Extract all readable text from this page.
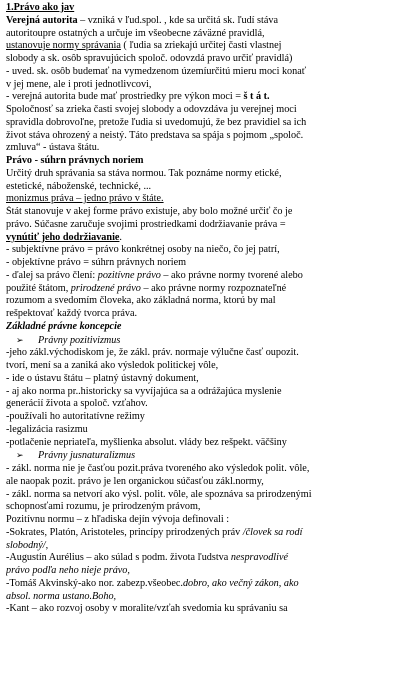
1.Právo ako jav
Verejná autorita – vzniká v ľud.spol. , kde sa určitá sk. ľudí stáva
autoritoupre ostatných a určuje im všeobecne záväzné pravidlá,
ustanovuje normy správania ( ľudia sa zriekajú určitej časti vlastnej
slobody a sk. osôb spravujúcich spoloč. odovzdá pravo určiť pravidlá)
- uved. sk. osôb budemať na vymedzenom územíurčitú mieru moci konať
v jej mene, ale i proti jednotlivcovi,
- verejná autorita bude mať prostriedky pre výkon moci = š t á t.
Spoločnosť sa zrieka časti svojej slobody a odovzdáva ju verejnej moci
spravidla dobrovoľne, pretože ľudia si uvedomujú, že bez pravidiel sa ich
život stáva ohrozený a neistý. Táto predstava sa spája s pojmom „spoloč.
zmluva“ - ústava štátu.
Právo - súhrn právnych noriem
Určitý druh správania sa stáva normou. Tak poznáme normy etické,
estetické, náboženské, technické, ...
monizmus práva – jedno právo v štáte.
Štát stanovuje v akej forme právo existuje, aby bolo možné určiť čo je
právo. Súčasne zaručuje svojimi prostriedkami dodržiavanie práva =
vynútiť jeho dodržiavanie.
- subjektívne právo = právo konkrétnej osoby na niečo, čo jej patrí,
- objektívne právo = súhrn právnych noriem
- ďalej sa právo člení: pozitívne právo – ako právne normy tvorené alebo
použité štátom, prirodzené právo – ako právne normy rozpoznateľné
rozumom a svedomím človeka, ako základná norma, ktorú by mal
rešpektovať každý tvorca práva.
Základné právne koncepcie
➢ Právny pozitivizmus
-jeho zákl.východiskom je, že zákl. práv. normaje výlučne časť oupozit.
tvorí, mení sa a zaniká ako výsledok politickej vôle,
- ide o ústavu štátu – platný ústavný dokument,
- aj ako norma pr..historicky sa vyvíjajúca sa a odrážajúca myslenie
generácií života a spoloč. vzťahov.
-používali ho autoritatívne režimy
-legalizácia rasizmu
-potlačenie nepriateľa, myšlienka absolut. vlády bez rešpekt. väčšiny
➢ Právny jusnaturalizmus
- zákl. norma nie je časťou pozit.práva tvoreného ako výsledok polit. vôle,
ale naopak pozit. právo je len organickou súčasťou zákl.normy,
- zákl. norma sa netvorí ako výsl. polit. vôle, ale spoznáva sa prirodzenými
schopnosťami rozumu, je prirodzeným právom,
Pozitívnu normu – z hľadiska dejín vývoja definovali :
-Sokrates, Platón, Aristoteles, princípy prirodzených práv /človek sa rodí
slobodný/,
-Augustín Aurélius – ako súlad s podm. života ľudstva nespravodlivé
právo podľa neho nieje právo,
-Tomáš Akvinský-ako nor. zabezp.všeobec.dobro, ako večný zákon, ako
absol. norma ustano.Boho,
-Kant – ako rozvoj osoby v moralite/vzťah svedomia ku správaniu sa
